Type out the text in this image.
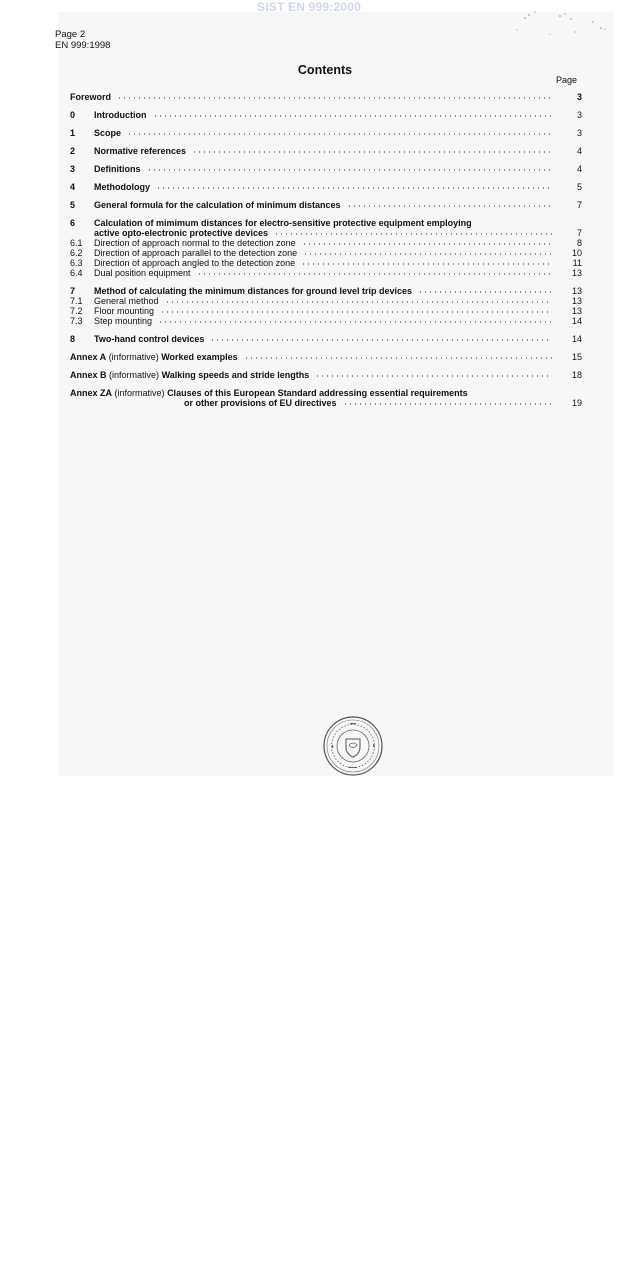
SIST EN 999:2000
Page 2
EN 999:1998
Contents
Page
Foreword	3
0	Introduction	3
1	Scope	3
2	Normative references	4
3	Definitions	4
4	Methodology	5
5	General formula for the calculation of minimum distances	7
6	Calculation of mimimum distances for electro-sensitive protective equipment employing
active opto-electronic protective devices	7
6.1	Direction of approach normal to the detection zone	8
6.2	Direction of approach parallel to the detection zone	10
6.3	Direction of approach angled to the detection zone	11
6.4	Dual position equipment	13
7	Method of calculating the minimum distances for ground level trip devices	13
7.1	General method	13
7.2	Floor mounting	13
7.3	Step mounting	14
8	Two-hand control devices	14
Annex A (informative) Worked examples	15
Annex B (informative) Walking speeds and stride lengths	18
Annex ZA (informative) Clauses of this European Standard addressing essential requirements
or other provisions of EU directives	19
